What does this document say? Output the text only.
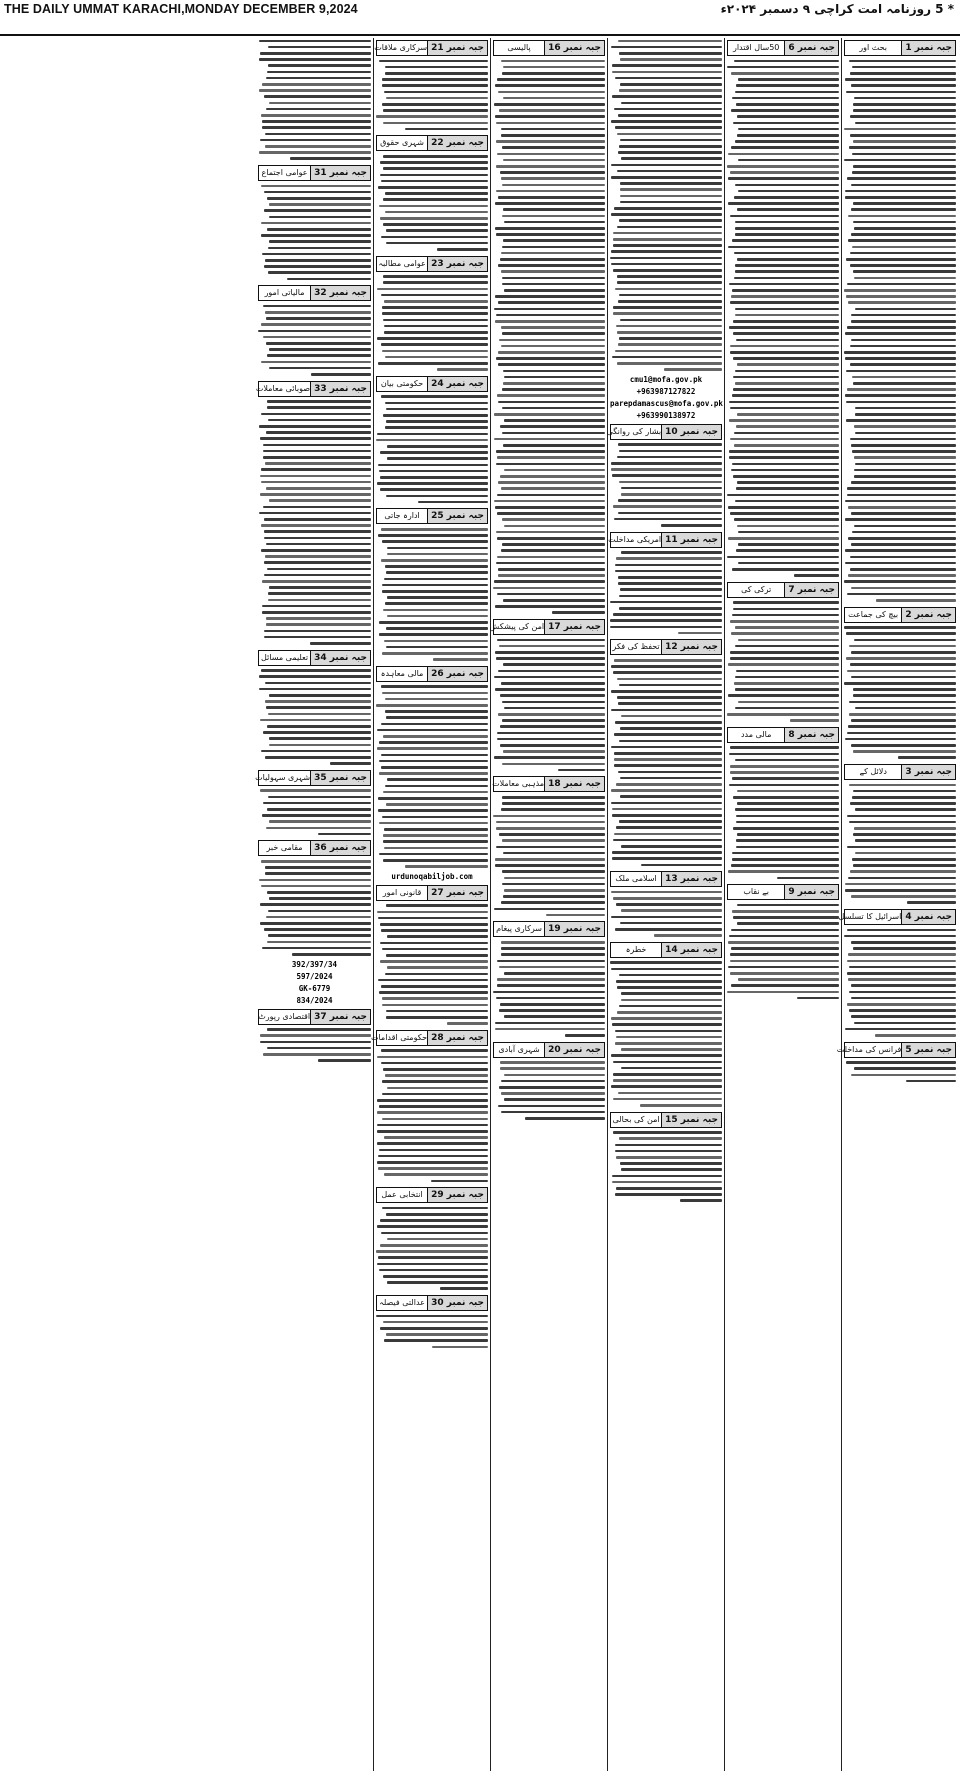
THE DAILY UMMAT KARACHI,MONDAY DECEMBER 9,2024	* 5 روزنامہ امت کراچی ۹ دسمبر ۲۰۲۴ء
جبہ نمبر 1
بحث اور
جبہ نمبر 2
بیچ کی جماعت
جبہ نمبر 3
دلائل کے
جبہ نمبر 4
اسرائیل کا تسلسل
جبہ نمبر 5
فرانس کی مداخلت
جبہ نمبر 6
50سال اقتدار
جبہ نمبر 7
ترکی کی
جبہ نمبر 8
مالی مدد
جبہ نمبر 9
بے نقاب
cmu1@mofa.gov.pk
+963987127822
parepdamascus@mofa.gov.pk
+963990138972
جبہ نمبر 10
بشار کی روانگی
جبہ نمبر 11
امریکی مداخلت
جبہ نمبر 12
تحفظ کی فکر
جبہ نمبر 13
اسلامی ملک
جبہ نمبر 14
خطرہ
جبہ نمبر 15
امن کی بحالی
جبہ نمبر 16
پالیسی
جبہ نمبر 17
امن کی پیشکش
جبہ نمبر 18
مذہبی معاملات
جبہ نمبر 19
سرکاری پیغام
جبہ نمبر 20
شہری آبادی
جبہ نمبر 21
سرکاری ملاقات
جبہ نمبر 22
شہری حقوق
جبہ نمبر 23
عوامی مطالبہ
جبہ نمبر 24
حکومتی بیان
جبہ نمبر 25
ادارہ جاتی
جبہ نمبر 26
مالی معاہدہ
urdunoqabiljob.com
جبہ نمبر 27
قانونی امور
جبہ نمبر 28
حکومتی اقدامات
جبہ نمبر 29
انتخابی عمل
جبہ نمبر 30
عدالتی فیصلہ
جبہ نمبر 31
عوامی اجتماع
جبہ نمبر 32
مالیاتی امور
جبہ نمبر 33
صوبائی معاملات
جبہ نمبر 34
تعلیمی مسائل
جبہ نمبر 35
شہری سہولیات
جبہ نمبر 36
مقامی خبر
392/397/34
597/2024
GK-6779
834/2024
جبہ نمبر 37
اقتصادی رپورٹ
